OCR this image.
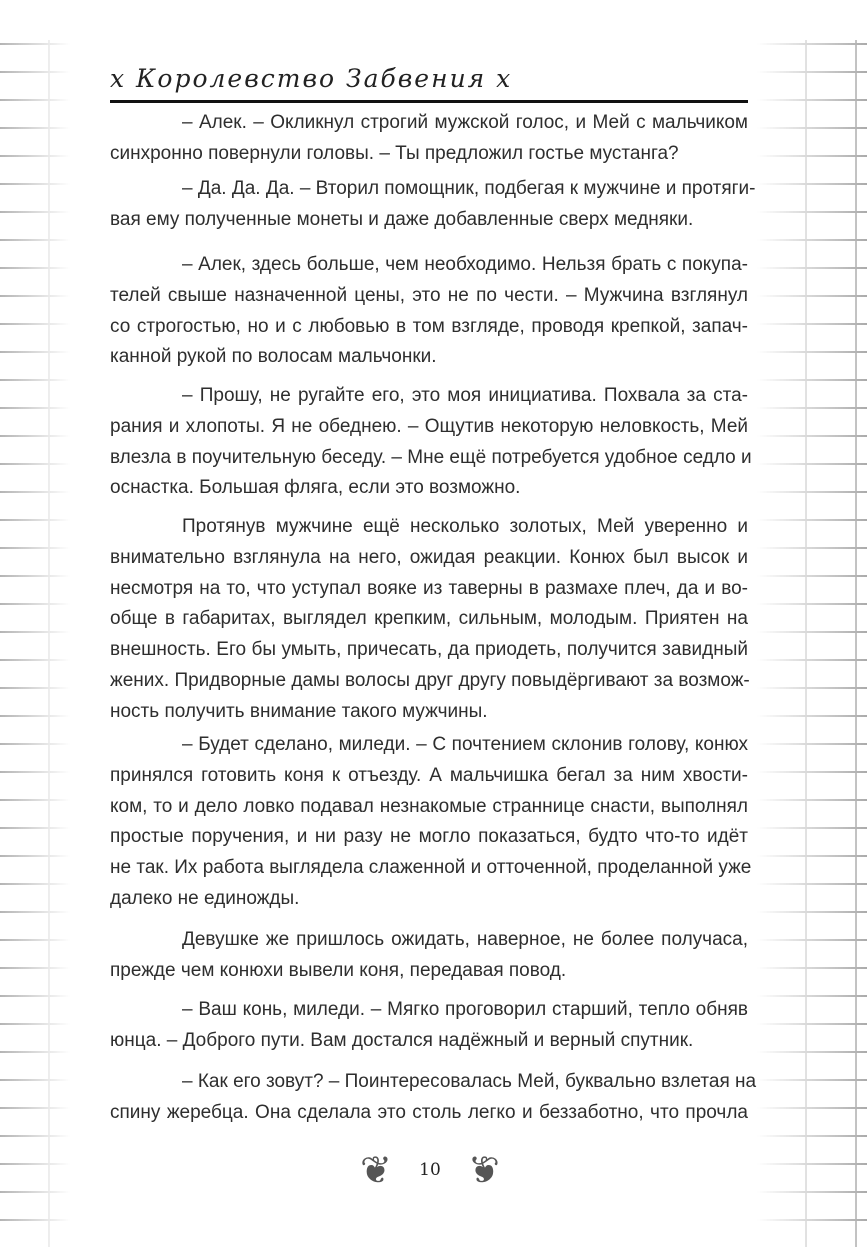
x Королевство Забвения x
– Алек. – Окликнул строгий мужской голос, и Мей с мальчиком
синхронно повернули головы. – Ты предложил гостье мустанга?
– Да. Да. Да. – Вторил помощник, подбегая к мужчине и протяги-
вая ему полученные монеты и даже добавленные сверх медняки.
– Алек, здесь больше, чем необходимо. Нельзя брать с покупа-
телей свыше назначенной цены, это не по чести. – Мужчина взглянул
со строгостью, но и с любовью в том взгляде, проводя крепкой, запач-
канной рукой по волосам мальчонки.
– Прошу, не ругайте его, это моя инициатива. Похвала за ста-
рания и хлопоты. Я не обеднею. – Ощутив некоторую неловкость, Мей
влезла в поучительную беседу. – Мне ещё потребуется удобное седло и
оснастка. Большая фляга, если это возможно.
Протянув мужчине ещё несколько золотых, Мей уверенно и
внимательно взглянула на него, ожидая реакции. Конюх был высок и
несмотря на то, что уступал вояке из таверны в размахе плеч, да и во-
обще в габаритах, выглядел крепким, сильным, молодым. Приятен на
внешность. Его бы умыть, причесать, да приодеть, получится завидный
жених. Придворные дамы волосы друг другу повыдёргивают за возмож-
ность получить внимание такого мужчины.
– Будет сделано, миледи. – С почтением склонив голову, конюх
принялся готовить коня к отъезду. А мальчишка бегал за ним хвости-
ком, то и дело ловко подавал незнакомые страннице снасти, выполнял
простые поручения, и ни разу не могло показаться, будто что-то идёт
не так. Их работа выглядела слаженной и отточенной, проделанной уже
далеко не единожды.
Девушке же пришлось ожидать, наверное, не более получаса,
прежде чем конюхи вывели коня, передавая повод.
– Ваш конь, миледи. – Мягко проговорил старший, тепло обняв
юнца. – Доброго пути. Вам достался надёжный и верный спутник.
– Как его зовут? – Поинтересовалась Мей, буквально взлетая на
спину жеребца. Она сделала это столь легко и беззаботно, что прочла
❦ 10 ❦
